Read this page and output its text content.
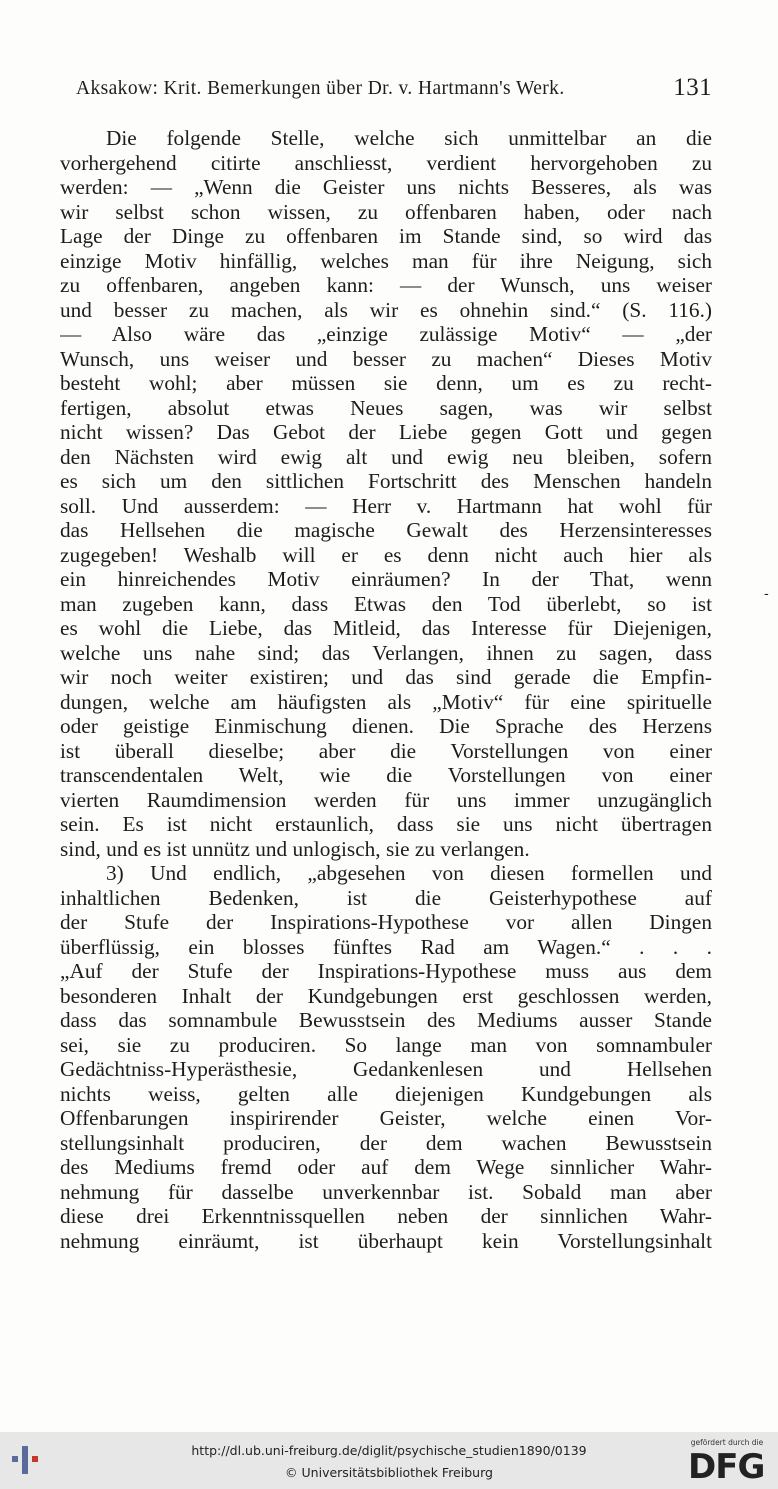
Aksakow: Krit. Bemerkungen über Dr. v. Hartmann's Werk.	131
Die folgende Stelle, welche sich unmittelbar an die
vorhergehend citirte anschliesst, verdient hervorgehoben zu
werden: — „Wenn die Geister uns nichts Besseres, als was
wir selbst schon wissen, zu offenbaren haben, oder nach
Lage der Dinge zu offenbaren im Stande sind, so wird das
einzige Motiv hinfällig, welches man für ihre Neigung, sich
zu offenbaren, angeben kann: — der Wunsch, uns weiser
und besser zu machen, als wir es ohnehin sind.“ (S. 116.)
— Also wäre das „einzige zulässige Motiv“ — „der
Wunsch, uns weiser und besser zu machen“ Dieses Motiv
besteht wohl; aber müssen sie denn, um es zu recht-
fertigen, absolut etwas Neues sagen, was wir selbst
nicht wissen? Das Gebot der Liebe gegen Gott und gegen
den Nächsten wird ewig alt und ewig neu bleiben, sofern
es sich um den sittlichen Fortschritt des Menschen handeln
soll. Und ausserdem: — Herr v. Hartmann hat wohl für
das Hellsehen die magische Gewalt des Herzensinteresses
zugegeben! Weshalb will er es denn nicht auch hier als
ein hinreichendes Motiv einräumen? In der That, wenn
man zugeben kann, dass Etwas den Tod überlebt, so ist
es wohl die Liebe, das Mitleid, das Interesse für Diejenigen,
welche uns nahe sind; das Verlangen, ihnen zu sagen, dass
wir noch weiter existiren; und das sind gerade die Empfin-
dungen, welche am häufigsten als „Motiv“ für eine spirituelle
oder geistige Einmischung dienen. Die Sprache des Herzens
ist überall dieselbe; aber die Vorstellungen von einer
transcendentalen Welt, wie die Vorstellungen von einer
vierten Raumdimension werden für uns immer unzugänglich
sein. Es ist nicht erstaunlich, dass sie uns nicht übertragen
sind, und es ist unnütz und unlogisch, sie zu verlangen.
3) Und endlich, „abgesehen von diesen formellen und
inhaltlichen Bedenken, ist die Geisterhypothese auf
der Stufe der Inspirations-Hypothese vor allen Dingen
überflüssig, ein blosses fünftes Rad am Wagen.“ . . .
„Auf der Stufe der Inspirations-Hypothese muss aus dem
besonderen Inhalt der Kundgebungen erst geschlossen werden,
dass das somnambule Bewusstsein des Mediums ausser Stande
sei, sie zu produciren. So lange man von somnambuler
Gedächtniss-Hyperästhesie, Gedankenlesen und Hellsehen
nichts weiss, gelten alle diejenigen Kundgebungen als
Offenbarungen inspirirender Geister, welche einen Vor-
stellungsinhalt produciren, der dem wachen Bewusstsein
des Mediums fremd oder auf dem Wege sinnlicher Wahr-
nehmung für dasselbe unverkennbar ist. Sobald man aber
diese drei Erkenntnissquellen neben der sinnlichen Wahr-
nehmung einräumt, ist überhaupt kein Vorstellungsinhalt
-
http://dl.ub.uni-freiburg.de/diglit/psychische_studien1890/0139
© Universitätsbibliothek Freiburg
gefördert durch die
DFG
